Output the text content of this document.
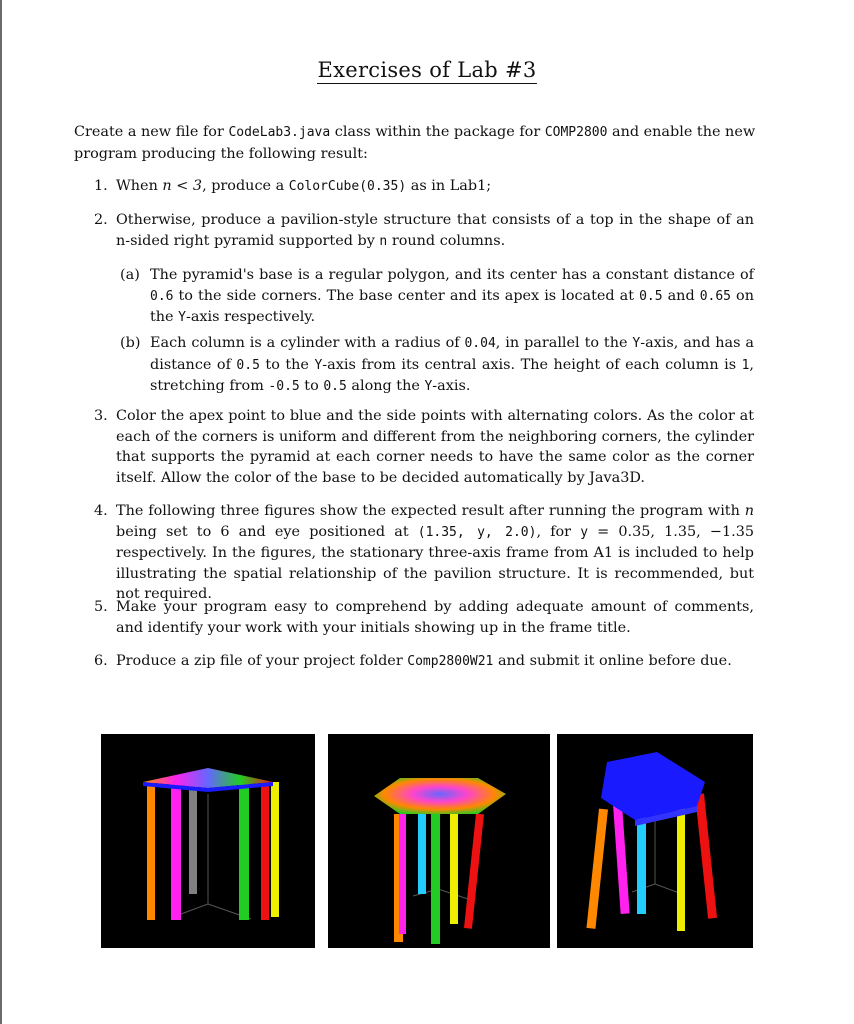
Exercises of Lab #3
Create a new file for CodeLab3.java class within the package for COMP2800 and enable the new program producing the following result:
1. When n < 3, produce a ColorCube(0.35) as in Lab1;
2. Otherwise, produce a pavilion-style structure that consists of a top in the shape of an n-sided right pyramid supported by n round columns.
(a) The pyramid's base is a regular polygon, and its center has a constant distance of 0.6 to the side corners. The base center and its apex is located at 0.5 and 0.65 on the Y-axis respectively.
(b) Each column is a cylinder with a radius of 0.04, in parallel to the Y-axis, and has a distance of 0.5 to the Y-axis from its central axis. The height of each column is 1, stretching from -0.5 to 0.5 along the Y-axis.
3. Color the apex point to blue and the side points with alternating colors. As the color at each of the corners is uniform and different from the neighboring corners, the cylinder that supports the pyramid at each corner needs to have the same color as the corner itself. Allow the color of the base to be decided automatically by Java3D.
4. The following three figures show the expected result after running the program with n being set to 6 and eye positioned at (1.35, y, 2.0), for y = 0.35, 1.35, −1.35 respectively. In the figures, the stationary three-axis frame from A1 is included to help illustrating the spatial relationship of the pavilion structure. It is recommended, but not required.
5. Make your program easy to comprehend by adding adequate amount of comments, and identify your work with your initials showing up in the frame title.
6. Produce a zip file of your project folder Comp2800W21 and submit it online before due.
